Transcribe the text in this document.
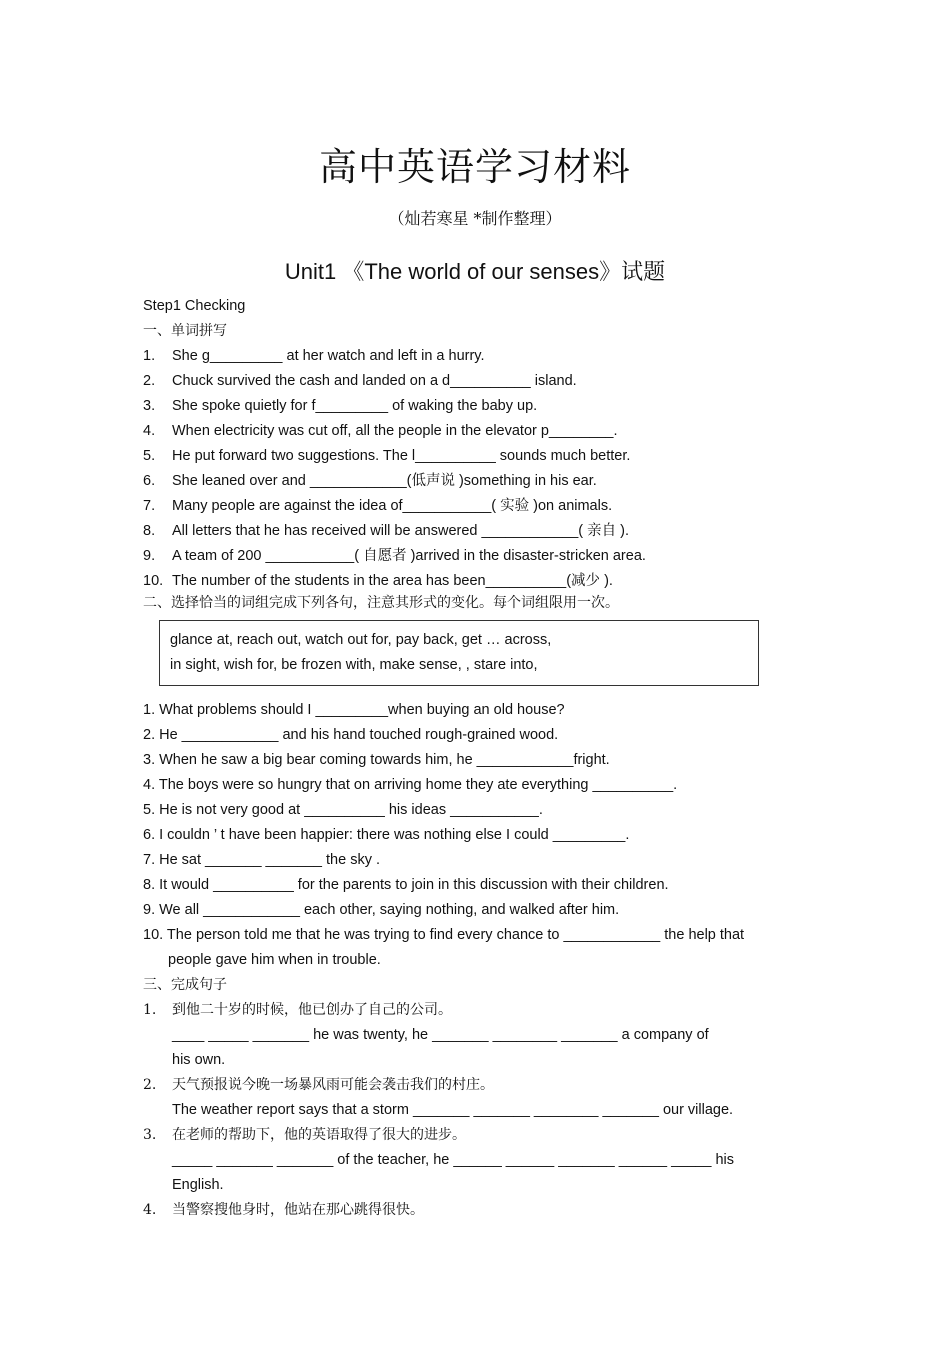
高中英语学习材料
（灿若寒星 *制作整理）
Unit1 《The world of our senses》试题
Step1 Checking
一、单词拼写
1. She g_________ at her watch and left in a hurry.
2. Chuck survived the cash and landed on a d__________ island.
3. She spoke quietly for f_________ of waking the baby up.
4. When electricity was cut off, all the people in the elevator p________.
5. He put forward two suggestions. The l__________ sounds much better.
6. She leaned over and ____________(低声说 )something in his ear.
7. Many people are against the idea of___________( 实验 )on animals.
8. All letters that he has received will be answered ____________( 亲自 ).
9. A team of 200 ___________( 自愿者 )arrived in the disaster-stricken area.
10. The number of the students in the area has been__________(减少 ).
二、选择恰当的词组完成下列各句，注意其形式的变化。每个词组限用一次。
glance at, reach out, watch out for, pay back, get … across,
in sight, wish for, be frozen with, make sense, , stare into,
1. What problems should I _________when buying an old house?
2. He ____________ and his hand touched rough-grained wood.
3. When he saw a big bear coming towards him, he ____________fright.
4. The boys were so hungry that on arriving home they ate everything __________.
5. He is not very good at __________ his ideas ___________.
6. I couldn ’ t have been happier: there was nothing else I could _________.
7. He sat _______ _______ the sky .
8. It would __________ for the parents to join in this discussion with their children.
9. We all ____________ each other, saying nothing, and walked after him.
10. The person told me that he was trying to find every chance to ____________ the help that
people gave him when in trouble.
三、完成句子
1. 到他二十岁的时候，他已创办了自己的公司。
____ _____ _______ he was twenty, he _______ ________ _______ a company of
his own.
2. 天气预报说今晚一场暴风雨可能会袭击我们的村庄。
The weather report says that a storm _______ _______ ________ _______ our village.
3. 在老师的帮助下，他的英语取得了很大的进步。
_____ _______ _______ of the teacher, he ______ ______ _______ ______ _____ his
English.
4. 当警察搜他身时，他站在那心跳得很快。
